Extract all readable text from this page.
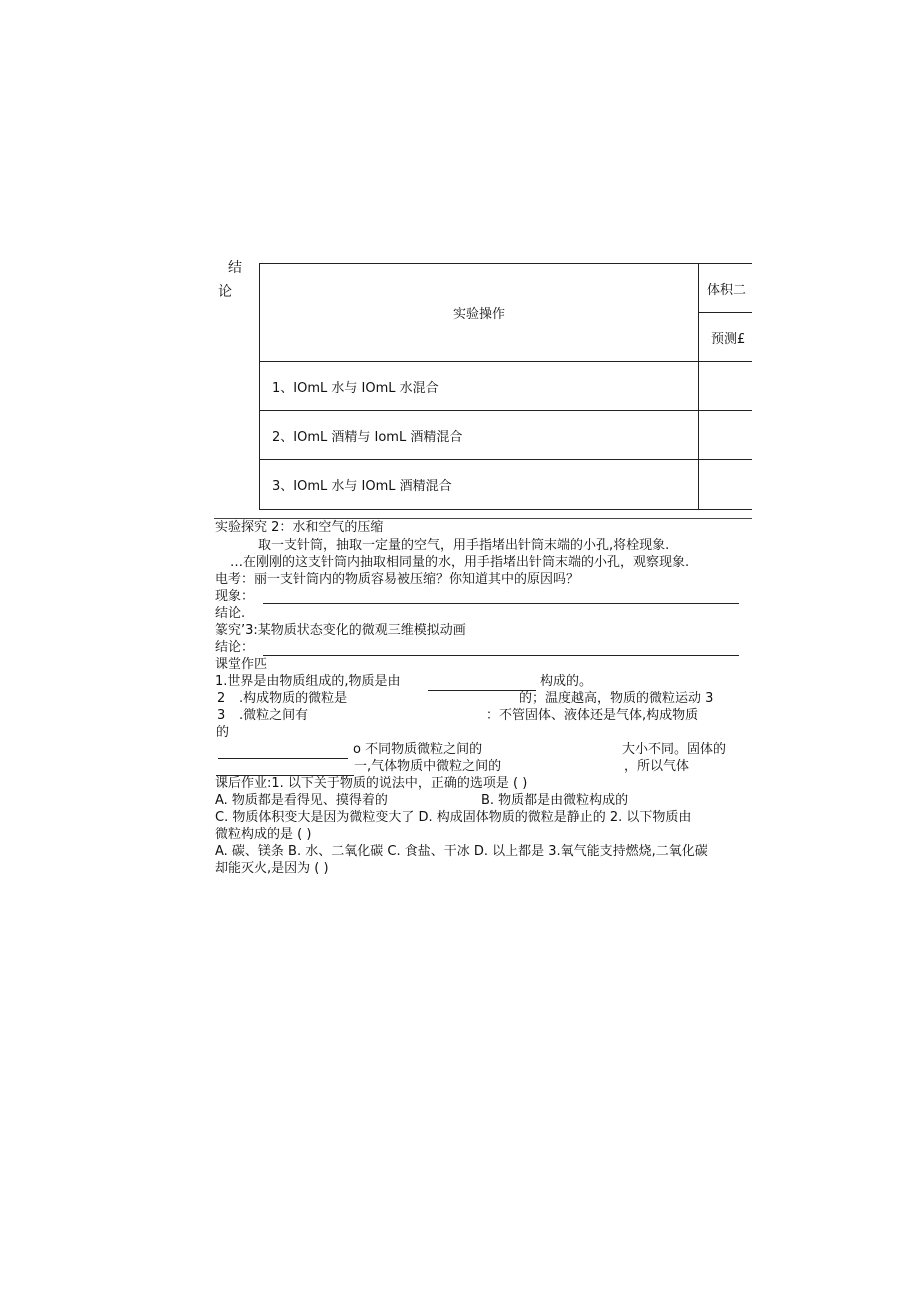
结
论
实验操作	体积二
	预测£
1、IOmL 水与 IOmL 水混合	
2、IOmL 酒精与 IomL 酒精混合	
3、IOmL 水与 IOmL 酒精混合	
实验探究 2：水和空气的压缩
取一支针筒，抽取一定量的空气，用手指堵出针筒末端的小孔,将栓现象.
…在刚刚的这支针筒内抽取相同量的水，用手指堵出针筒末端的小孔，观察现象.
电考：丽一支针筒内的物质容易被压缩？你知道其中的原因吗？
现象：
结论.
篆究’3:某物质状态变化的微观三维模拟动画
结论：
课堂作匹
1.世界是由物质组成的,物质是由	构成的。
2 .构成物质的微粒是	的；温度越高，物质的微粒运动 3
3 .微粒之间有	：不管固体、液体还是气体,构成物质
的
o 不同物质微粒之间的	大小不同。固体的
一,气体物质中微粒之间的	，所以气体
课后作业:1. 以下关于物质的说法中，正确的选项是 ( )
A. 物质都是看得见、摸得着的	B. 物质都是由微粒构成的
C. 物质体积变大是因为微粒变大了 D. 构成固体物质的微粒是静止的 2. 以下物质由
微粒构成的是 ( )
A. 碳、镁条 B. 水、二氧化碳 C. 食盐、干冰 D. 以上都是 3.氧气能支持燃烧,二氧化碳
却能灭火,是因为 ( )
